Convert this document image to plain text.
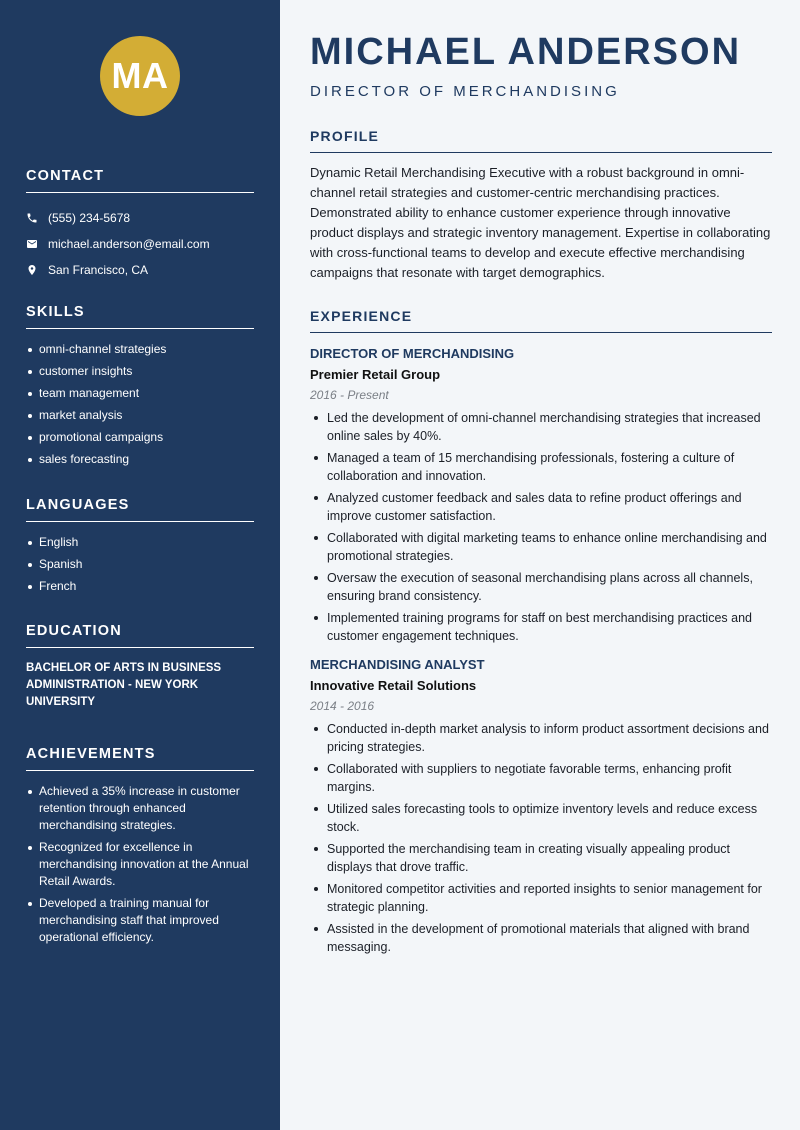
MA
CONTACT
(555) 234-5678
michael.anderson@email.com
San Francisco, CA
SKILLS
omni-channel strategies
customer insights
team management
market analysis
promotional campaigns
sales forecasting
LANGUAGES
English
Spanish
French
EDUCATION
BACHELOR OF ARTS IN BUSINESS ADMINISTRATION - NEW YORK UNIVERSITY
ACHIEVEMENTS
Achieved a 35% increase in customer retention through enhanced merchandising strategies.
Recognized for excellence in merchandising innovation at the Annual Retail Awards.
Developed a training manual for merchandising staff that improved operational efficiency.
MICHAEL ANDERSON
DIRECTOR OF MERCHANDISING
PROFILE

Dynamic Retail Merchandising Executive with a robust background in omni-channel retail strategies and customer-centric merchandising practices. Demonstrated ability to enhance customer experience through innovative product displays and strategic inventory management. Expertise in collaborating with cross-functional teams to develop and execute effective merchandising campaigns that resonate with target demographics.

EXPERIENCE
DIRECTOR OF MERCHANDISING
Premier Retail Group
2016 - Present
Led the development of omni-channel merchandising strategies that increased online sales by 40%.
Managed a team of 15 merchandising professionals, fostering a culture of collaboration and innovation.
Analyzed customer feedback and sales data to refine product offerings and improve customer satisfaction.
Collaborated with digital marketing teams to enhance online merchandising and promotional strategies.
Oversaw the execution of seasonal merchandising plans across all channels, ensuring brand consistency.
Implemented training programs for staff on best merchandising practices and customer engagement techniques.
MERCHANDISING ANALYST
Innovative Retail Solutions
2014 - 2016
Conducted in-depth market analysis to inform product assortment decisions and pricing strategies.
Collaborated with suppliers to negotiate favorable terms, enhancing profit margins.
Utilized sales forecasting tools to optimize inventory levels and reduce excess stock.
Supported the merchandising team in creating visually appealing product displays that drove traffic.
Monitored competitor activities and reported insights to senior management for strategic planning.
Assisted in the development of promotional materials that aligned with brand messaging.
